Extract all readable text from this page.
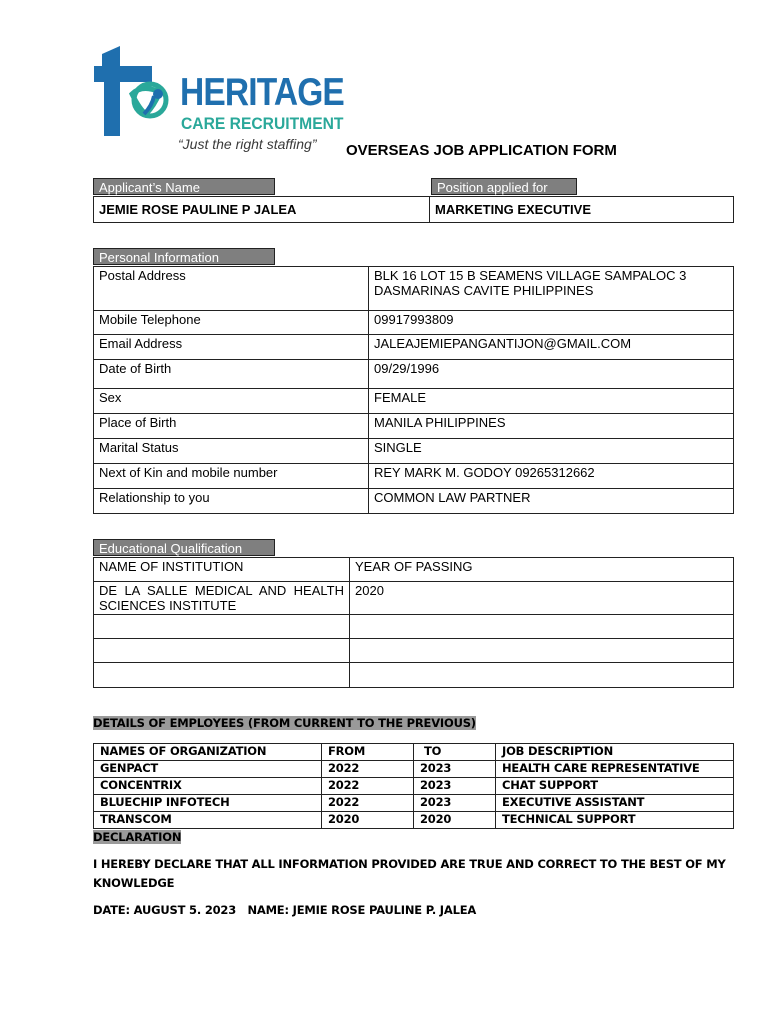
HERITAGE
CARE RECRUITMENT
“Just the right staffing” OVERSEAS JOB APPLICATION FORM
Applicant’s Name	Position applied for
JEMIE ROSE PAULINE P JALEA	MARKETING EXECUTIVE
Personal Information
Postal Address	BLK 16 LOT 15 B SEAMENS VILLAGE SAMPALOC 3 DASMARINAS CAVITE PHILIPPINES
Mobile Telephone	09917993809
Email Address	JALEAJEMIEPANGANTIJON@GMAIL.COM
Date of Birth	09/29/1996
Sex	FEMALE
Place of Birth	MANILA PHILIPPINES
Marital Status	SINGLE
Next of Kin and mobile number	REY MARK M. GODOY 09265312662
Relationship to you	COMMON LAW PARTNER
Educational Qualification
NAME OF INSTITUTION	YEAR OF PASSING
DE LA SALLE MEDICAL AND HEALTH SCIENCES INSTITUTE	2020

DETAILS OF EMPLOYEES (FROM CURRENT TO THE PREVIOUS)
NAMES OF ORGANIZATION	FROM	TO	JOB DESCRIPTION
GENPACT	2022	2023	HEALTH CARE REPRESENTATIVE
CONCENTRIX	2022	2023	CHAT SUPPORT
BLUECHIP INFOTECH	2022	2023	EXECUTIVE ASSISTANT
TRANSCOM	2020	2020	TECHNICAL SUPPORT
DECLARATION
I HEREBY DECLARE THAT ALL INFORMATION PROVIDED ARE TRUE AND CORRECT TO THE BEST OF MY
KNOWLEDGE
DATE: AUGUST 5. 2023   NAME: JEMIE ROSE PAULINE P. JALEA
